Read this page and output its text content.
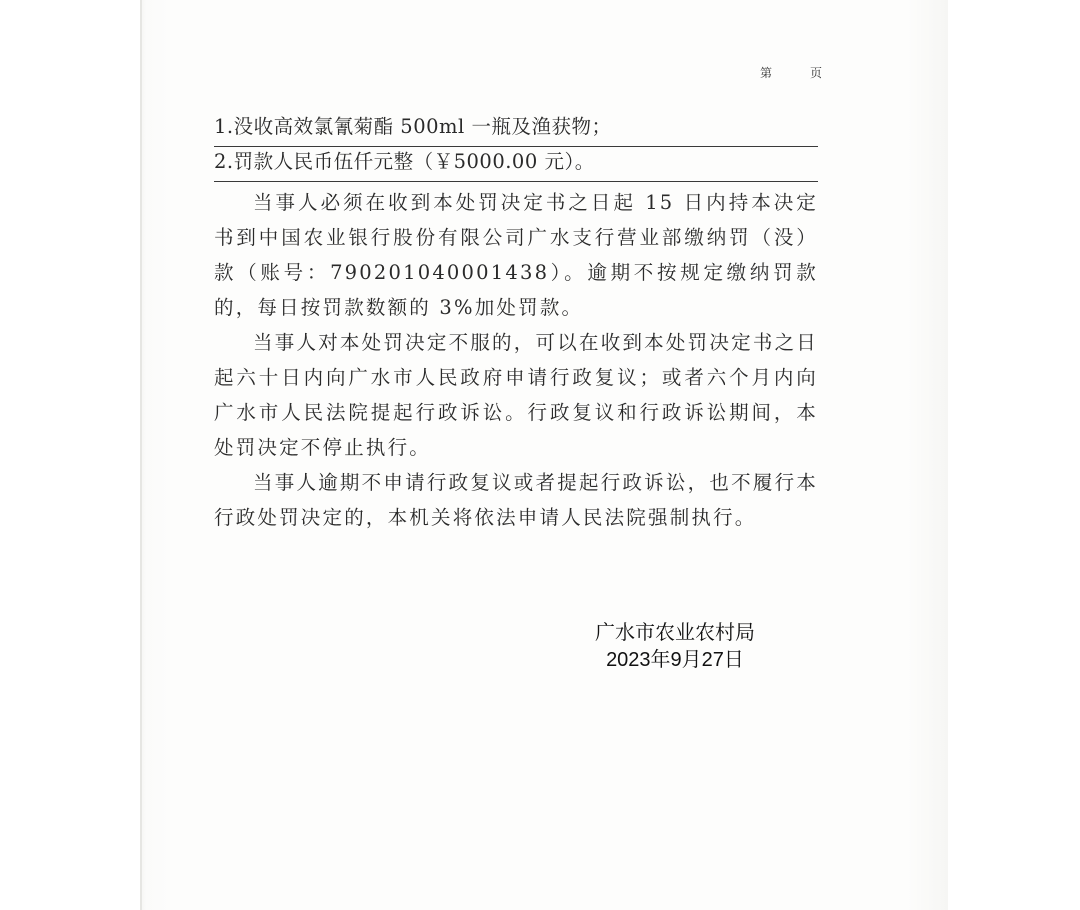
第	页
1.没收高效氯氰菊酯 500ml 一瓶及渔获物；
2.罚款人民币伍仟元整（￥5000.00 元）。

当事人必须在收到本处罚决定书之日起 15 日内持本决定书到中国农业银行股份有限公司广水支行营业部缴纳罚（没）款（账号：790201040001438）。逾期不按规定缴纳罚款的，每日按罚款数额的 3%加处罚款。

当事人对本处罚决定不服的，可以在收到本处罚决定书之日起六十日内向广水市人民政府申请行政复议；或者六个月内向广水市人民法院提起行政诉讼。行政复议和行政诉讼期间，本处罚决定不停止执行。

当事人逾期不申请行政复议或者提起行政诉讼，也不履行本行政处罚决定的，本机关将依法申请人民法院强制执行。

广水市农业农村局
2023年9月27日
